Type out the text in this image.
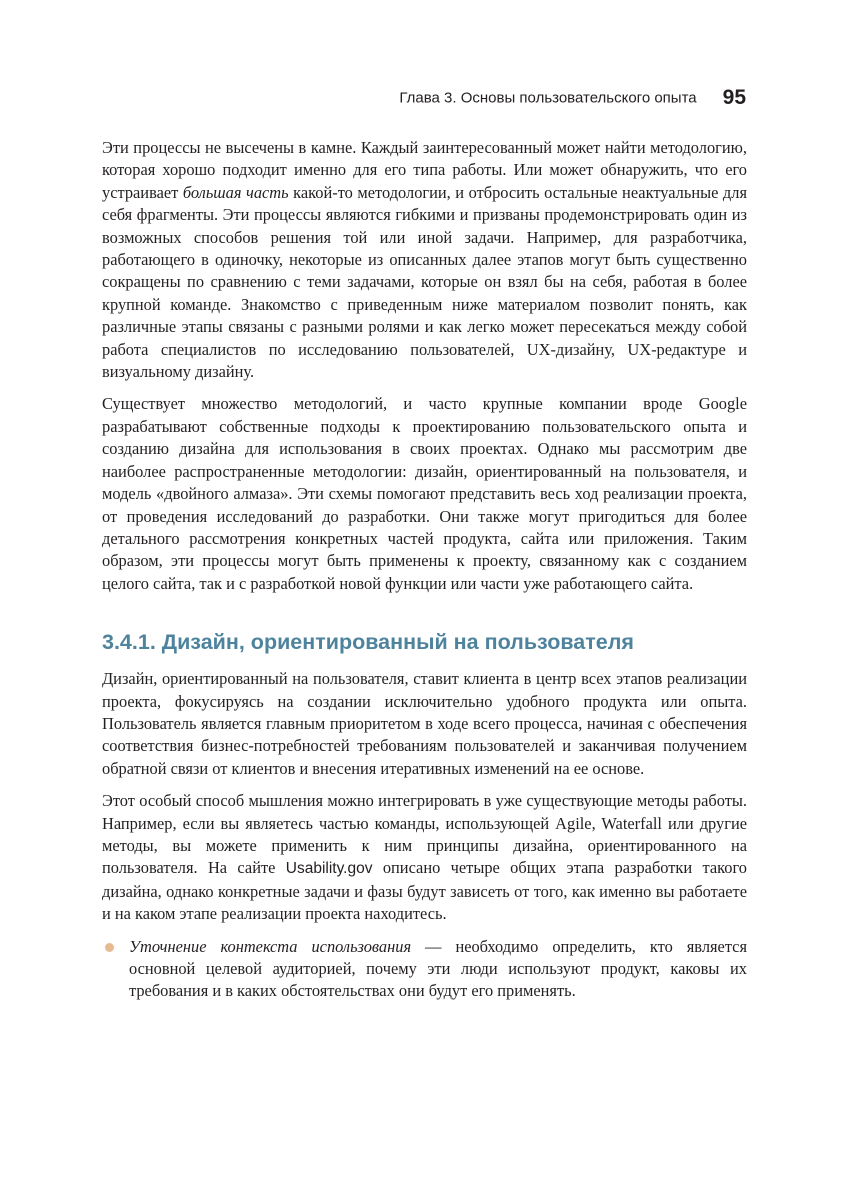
Глава 3. Основы пользовательского опыта 95

Эти процессы не высечены в камне. Каждый заинтересованный может найти методологию, которая хорошо подходит именно для его типа работы. Или может обнаружить, что его устраивает большая часть какой-то методологии, и отбросить остальные неактуальные для себя фрагменты. Эти процессы являются гибкими и призваны продемонстрировать один из возможных способов решения той или иной задачи. Например, для разработчика, работающего в одиночку, некоторые из описанных далее этапов могут быть существенно сокращены по сравнению с теми задачами, которые он взял бы на себя, работая в более крупной команде. Знакомство с приведенным ниже материалом позволит понять, как различные этапы связаны с разными ролями и как легко может пересекаться между собой работа специалистов по исследованию пользователей, UX-дизайну, UX-редактуре и визуальному дизайну.

Существует множество методологий, и часто крупные компании вроде Google разрабатывают собственные подходы к проектированию пользовательского опыта и созданию дизайна для использования в своих проектах. Однако мы рассмотрим две наиболее распространенные методологии: дизайн, ориентированный на пользователя, и модель «двойного алмаза». Эти схемы помогают представить весь ход реализации проекта, от проведения исследований до разработки. Они также могут пригодиться для более детального рассмотрения конкретных частей продукта, сайта или приложения. Таким образом, эти процессы могут быть применены к проекту, связанному как с созданием целого сайта, так и с разработкой новой функции или части уже работающего сайта.

3.4.1. Дизайн, ориентированный на пользователя

Дизайн, ориентированный на пользователя, ставит клиента в центр всех этапов реализации проекта, фокусируясь на создании исключительно удобного продукта или опыта. Пользователь является главным приоритетом в ходе всего процесса, начиная с обеспечения соответствия бизнес-потребностей требованиям пользователей и заканчивая получением обратной связи от клиентов и внесения итеративных изменений на ее основе.

Этот особый способ мышления можно интегрировать в уже существующие методы работы. Например, если вы являетесь частью команды, использующей Agile, Waterfall или другие методы, вы можете применить к ним принципы дизайна, ориентированного на пользователя. На сайте Usability.gov описано четыре общих этапа разработки такого дизайна, однако конкретные задачи и фазы будут зависеть от того, как именно вы работаете и на каком этапе реализации проекта находитесь.

Уточнение контекста использования — необходимо определить, кто является основной целевой аудиторией, почему эти люди используют продукт, каковы их требования и в каких обстоятельствах они будут его применять.
